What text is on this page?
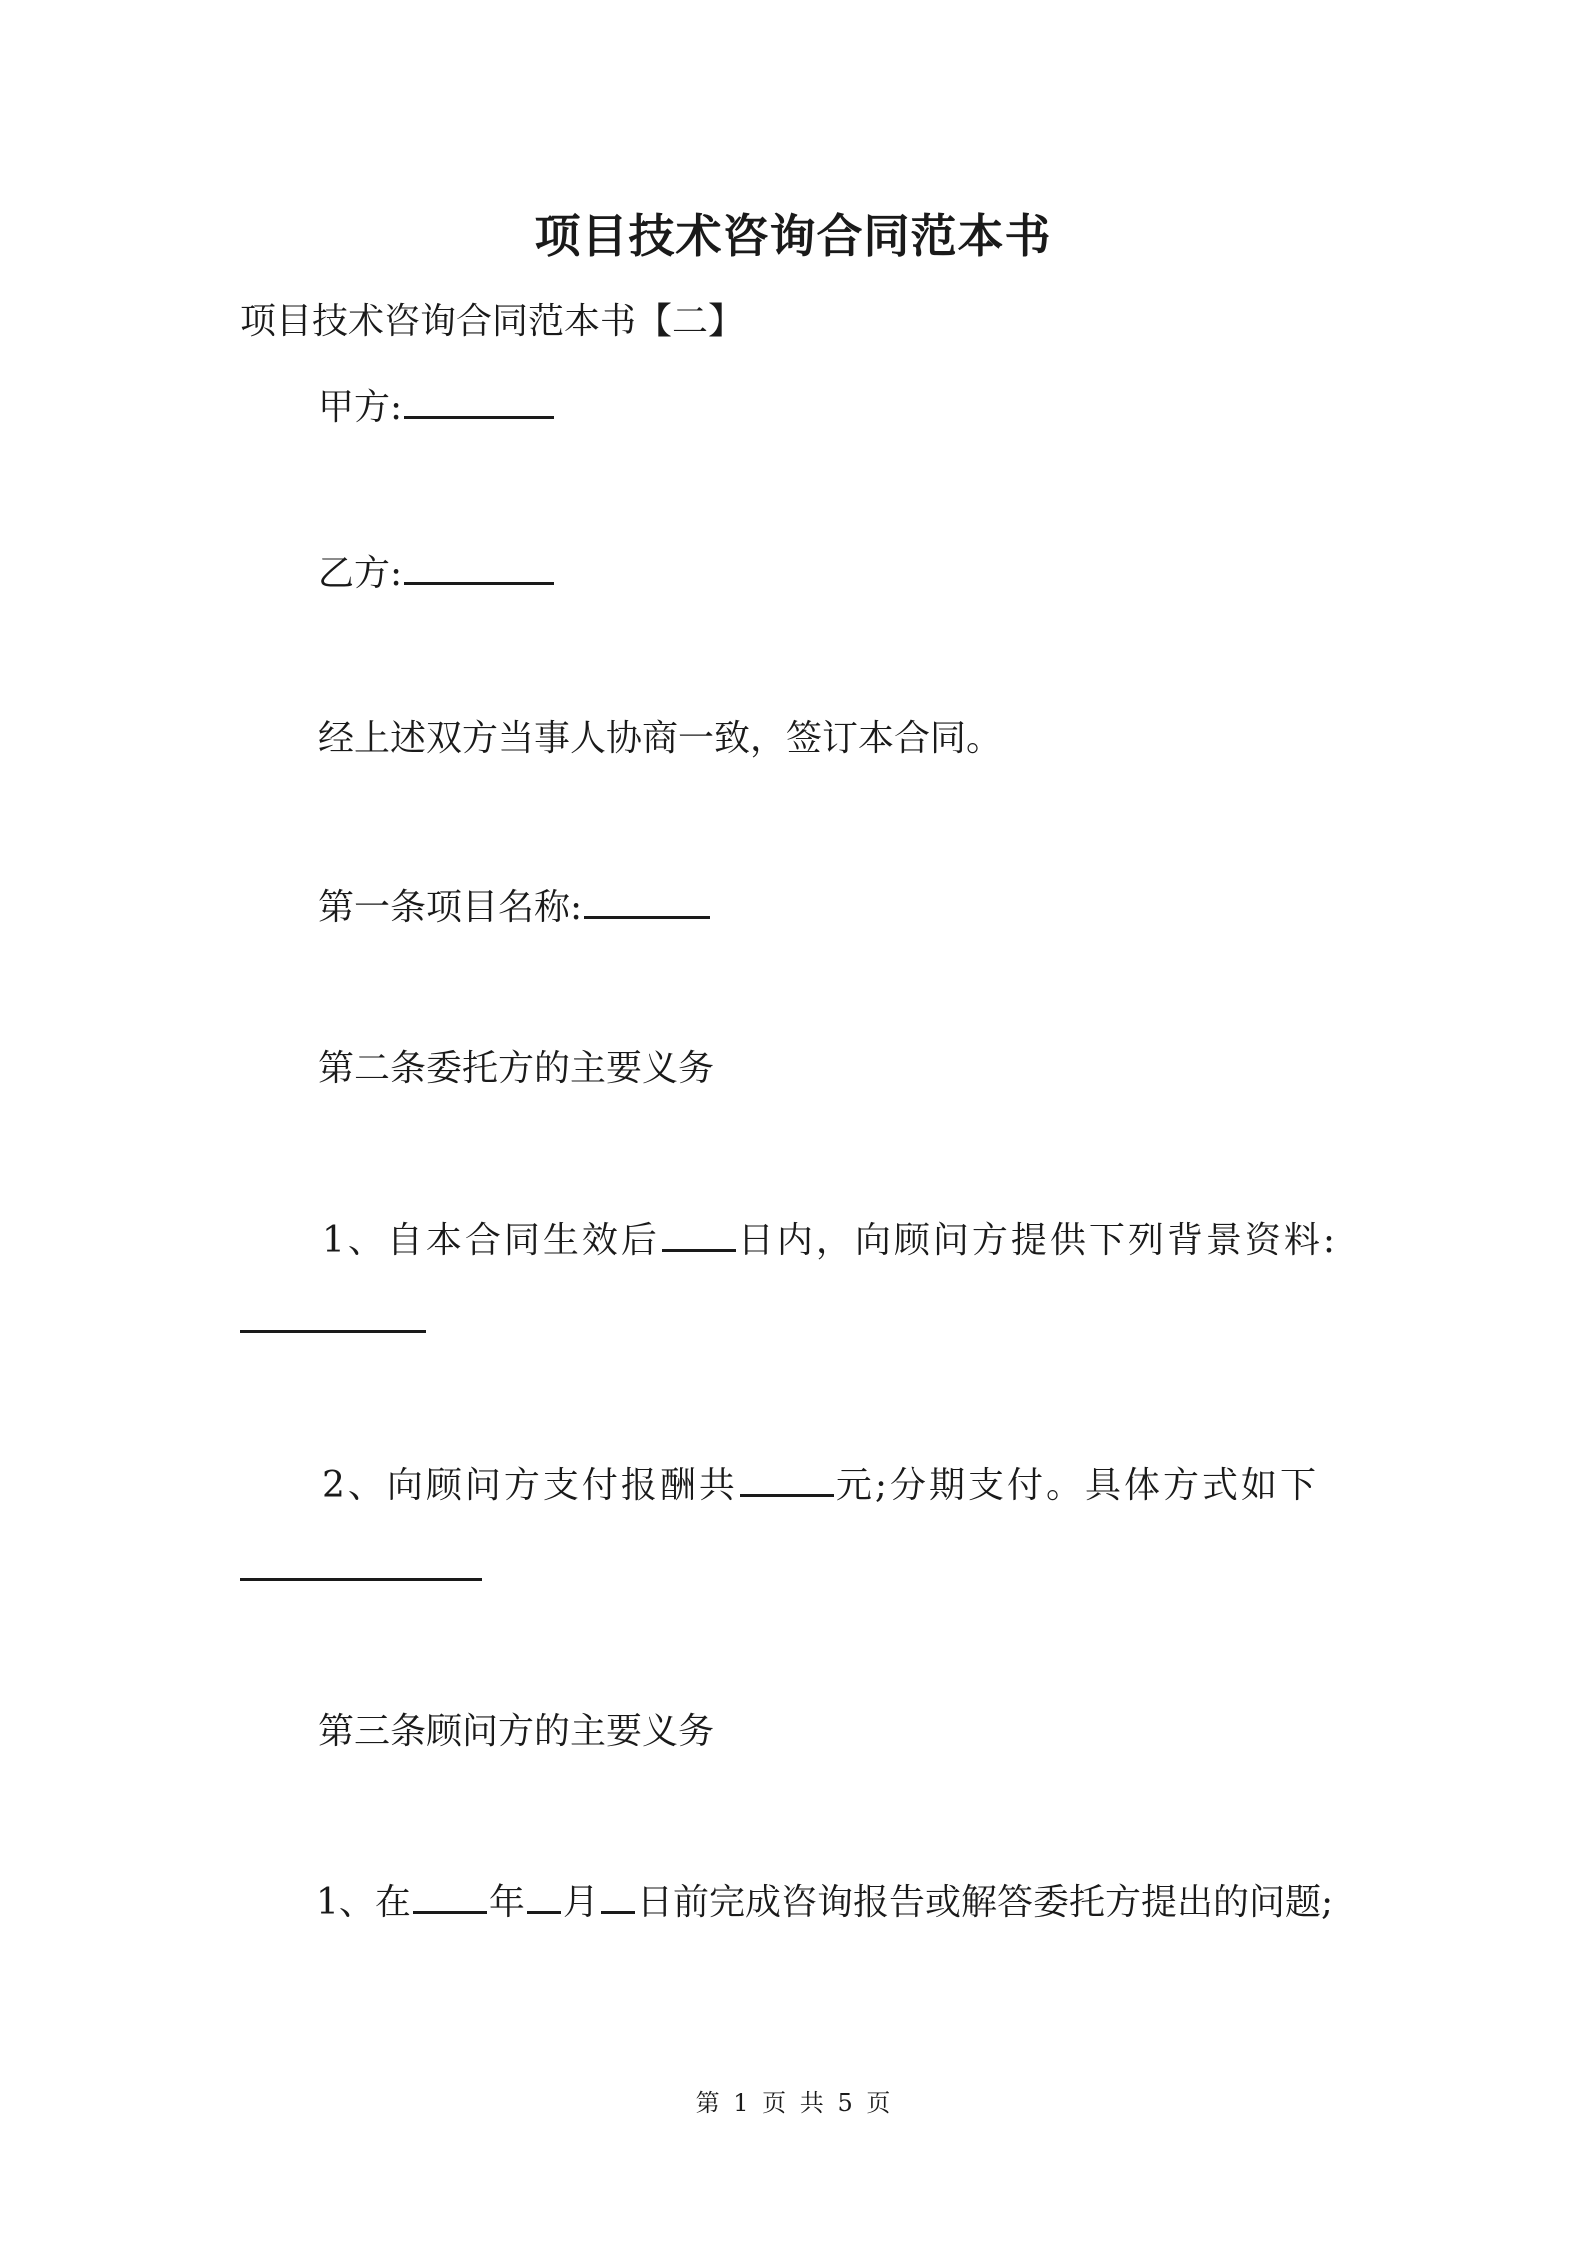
项目技术咨询合同范本书
项目技术咨询合同范本书【二】
甲方:
乙方:
经上述双方当事人协商一致，签订本合同。
第一条项目名称:
第二条委托方的主要义务
1、自本合同生效后 日内，向顾问方提供下列背景资料:
2、向顾问方支付报酬共	元;分期支付。具体方式如下
第三条顾问方的主要义务
1、在 年 月 日前完成咨询报告或解答委托方提出的问题;
第 1 页 共 5 页
